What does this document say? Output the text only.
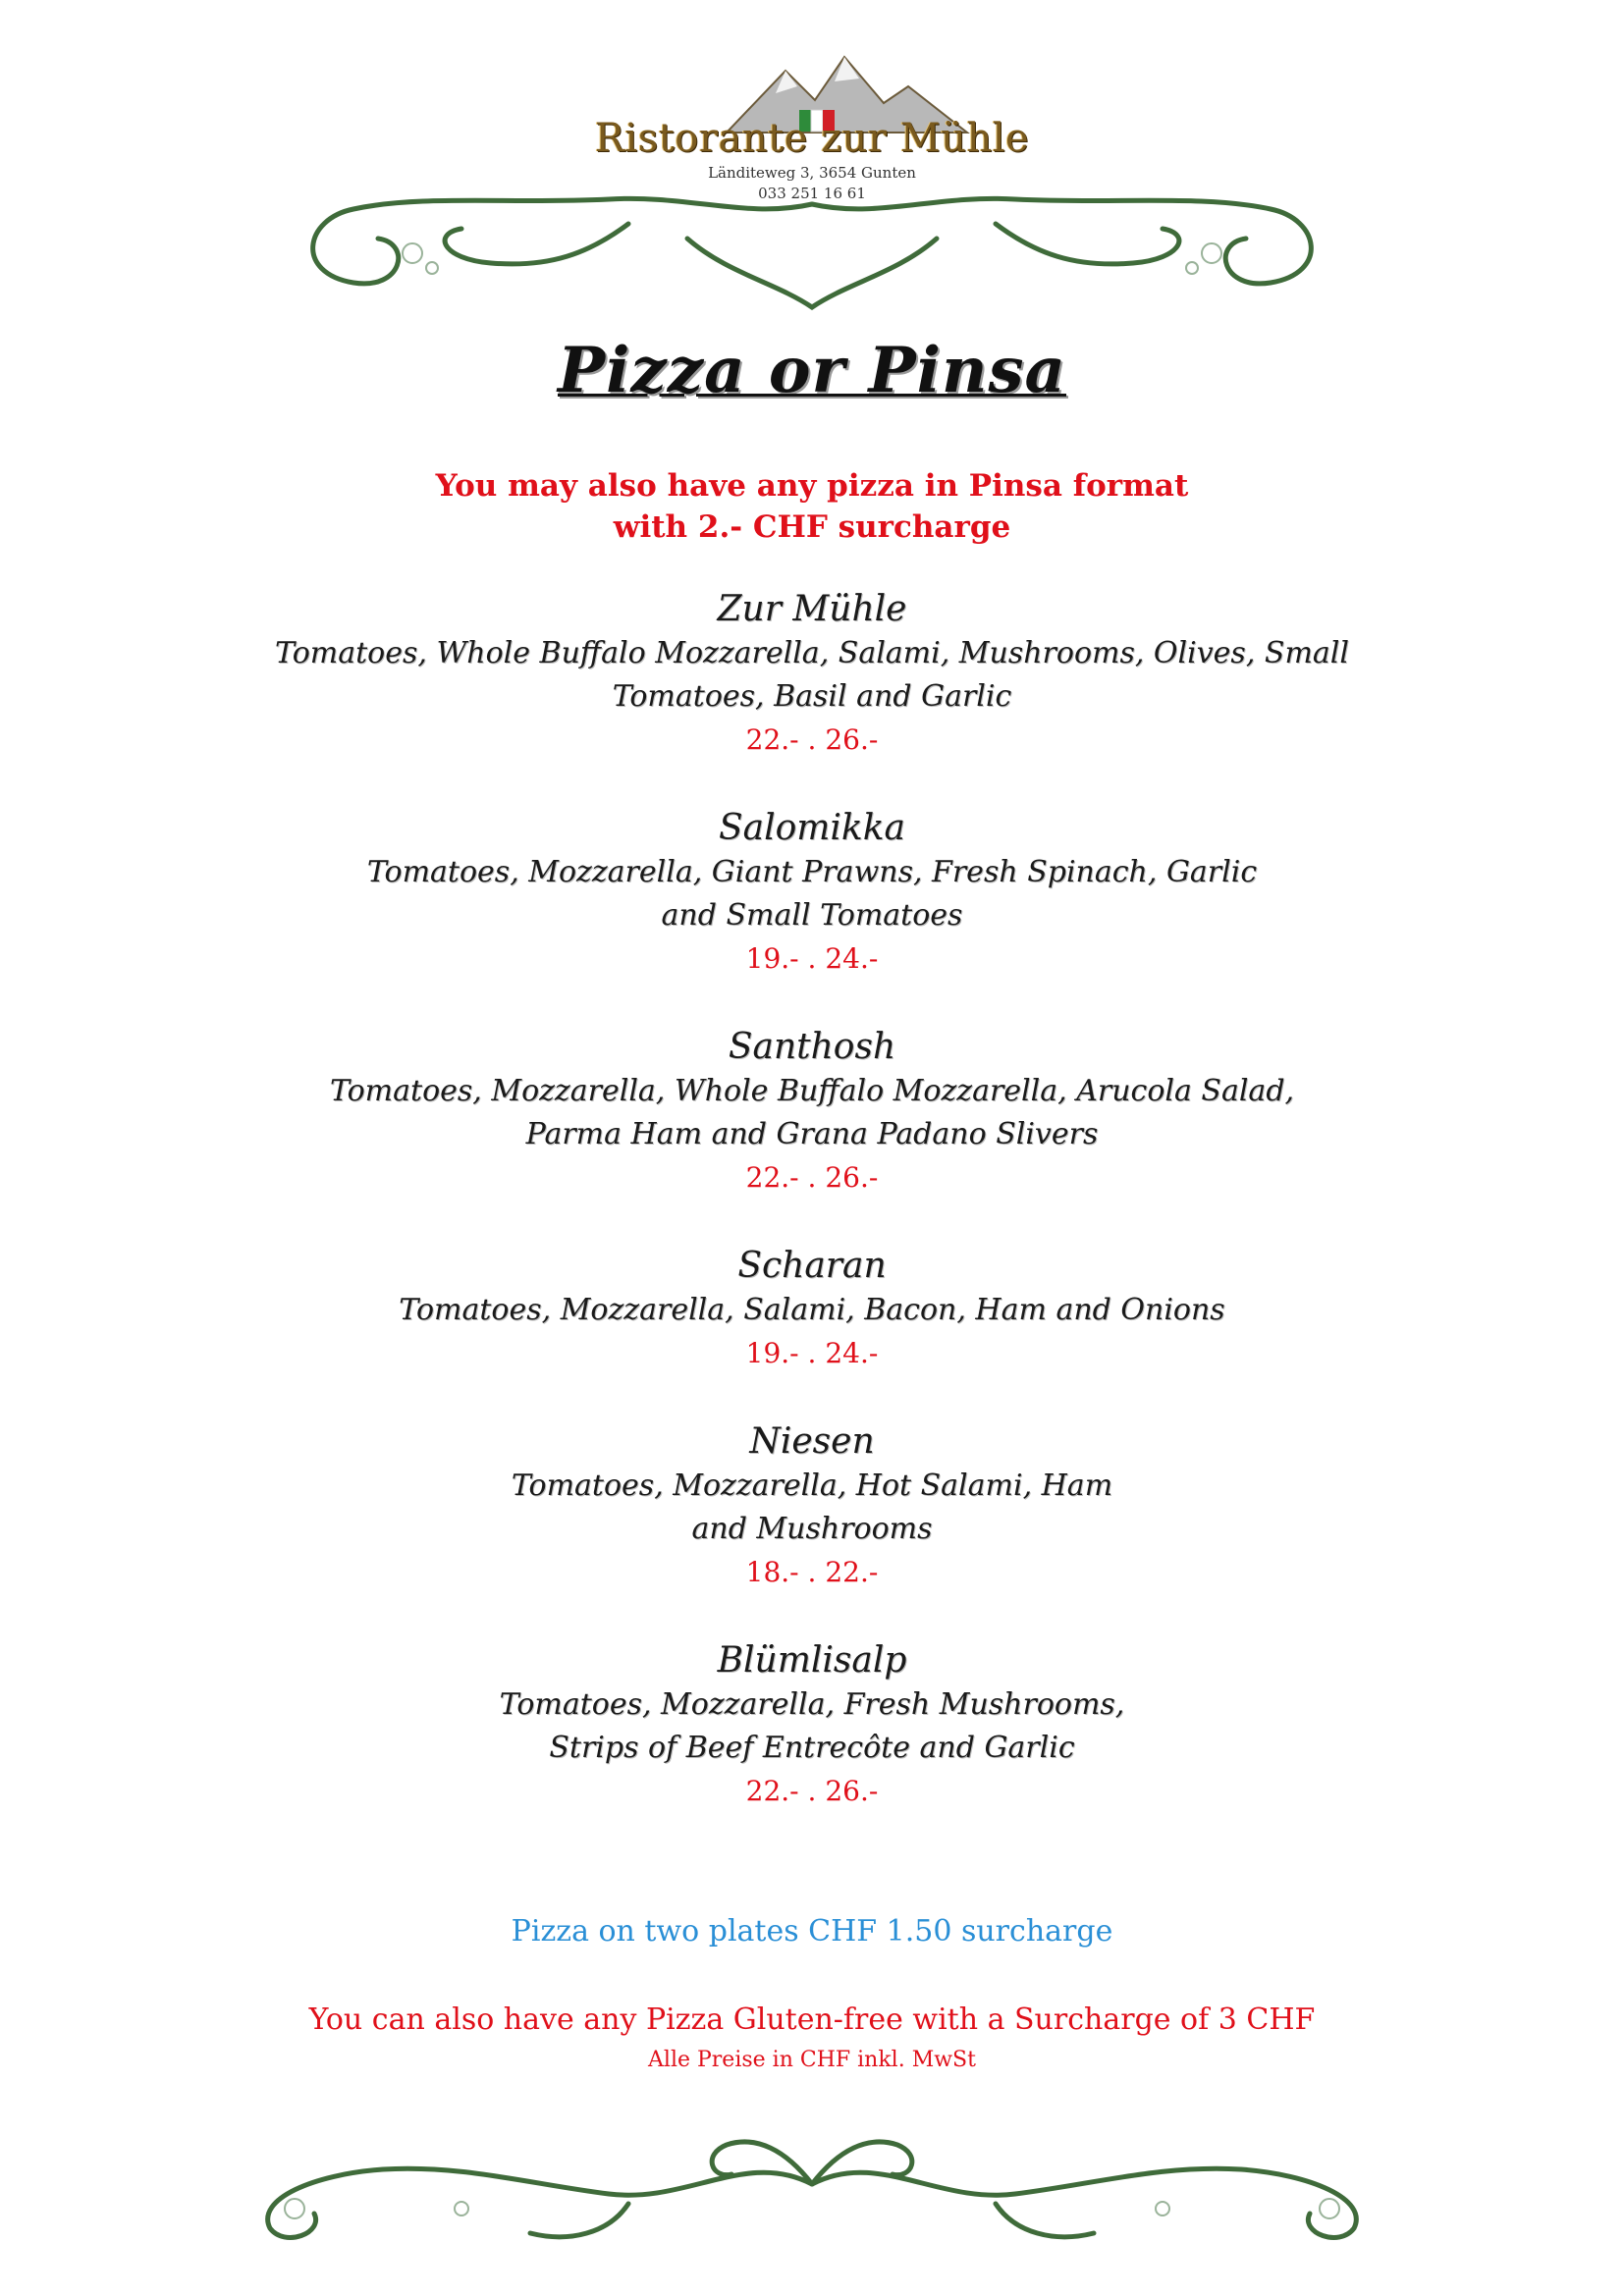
Ristorante zur Mühle
Länditeweg 3, 3654 Gunten
033 251 16 61
Pizza or Pinsa
You may also have any pizza in Pinsa format
with 2.- CHF surcharge
Zur Mühle
Tomatoes, Whole Buffalo Mozzarella, Salami, Mushrooms, Olives, Small
Tomatoes, Basil and Garlic
22.- . 26.-
Salomikka
Tomatoes, Mozzarella, Giant Prawns, Fresh Spinach, Garlic
and Small Tomatoes
19.- . 24.-
Santhosh
Tomatoes, Mozzarella, Whole Buffalo Mozzarella, Arucola Salad,
Parma Ham and Grana Padano Slivers
22.- . 26.-
Scharan
Tomatoes, Mozzarella, Salami, Bacon, Ham and Onions
19.- . 24.-
Niesen
Tomatoes, Mozzarella, Hot Salami, Ham
and Mushrooms
18.- . 22.-
Blümlisalp
Tomatoes, Mozzarella, Fresh Mushrooms,
Strips of Beef Entrecôte and Garlic
22.- . 26.-
Pizza on two plates CHF 1.50 surcharge
You can also have any Pizza Gluten-free with a Surcharge of 3 CHF
Alle Preise in CHF inkl. MwSt
